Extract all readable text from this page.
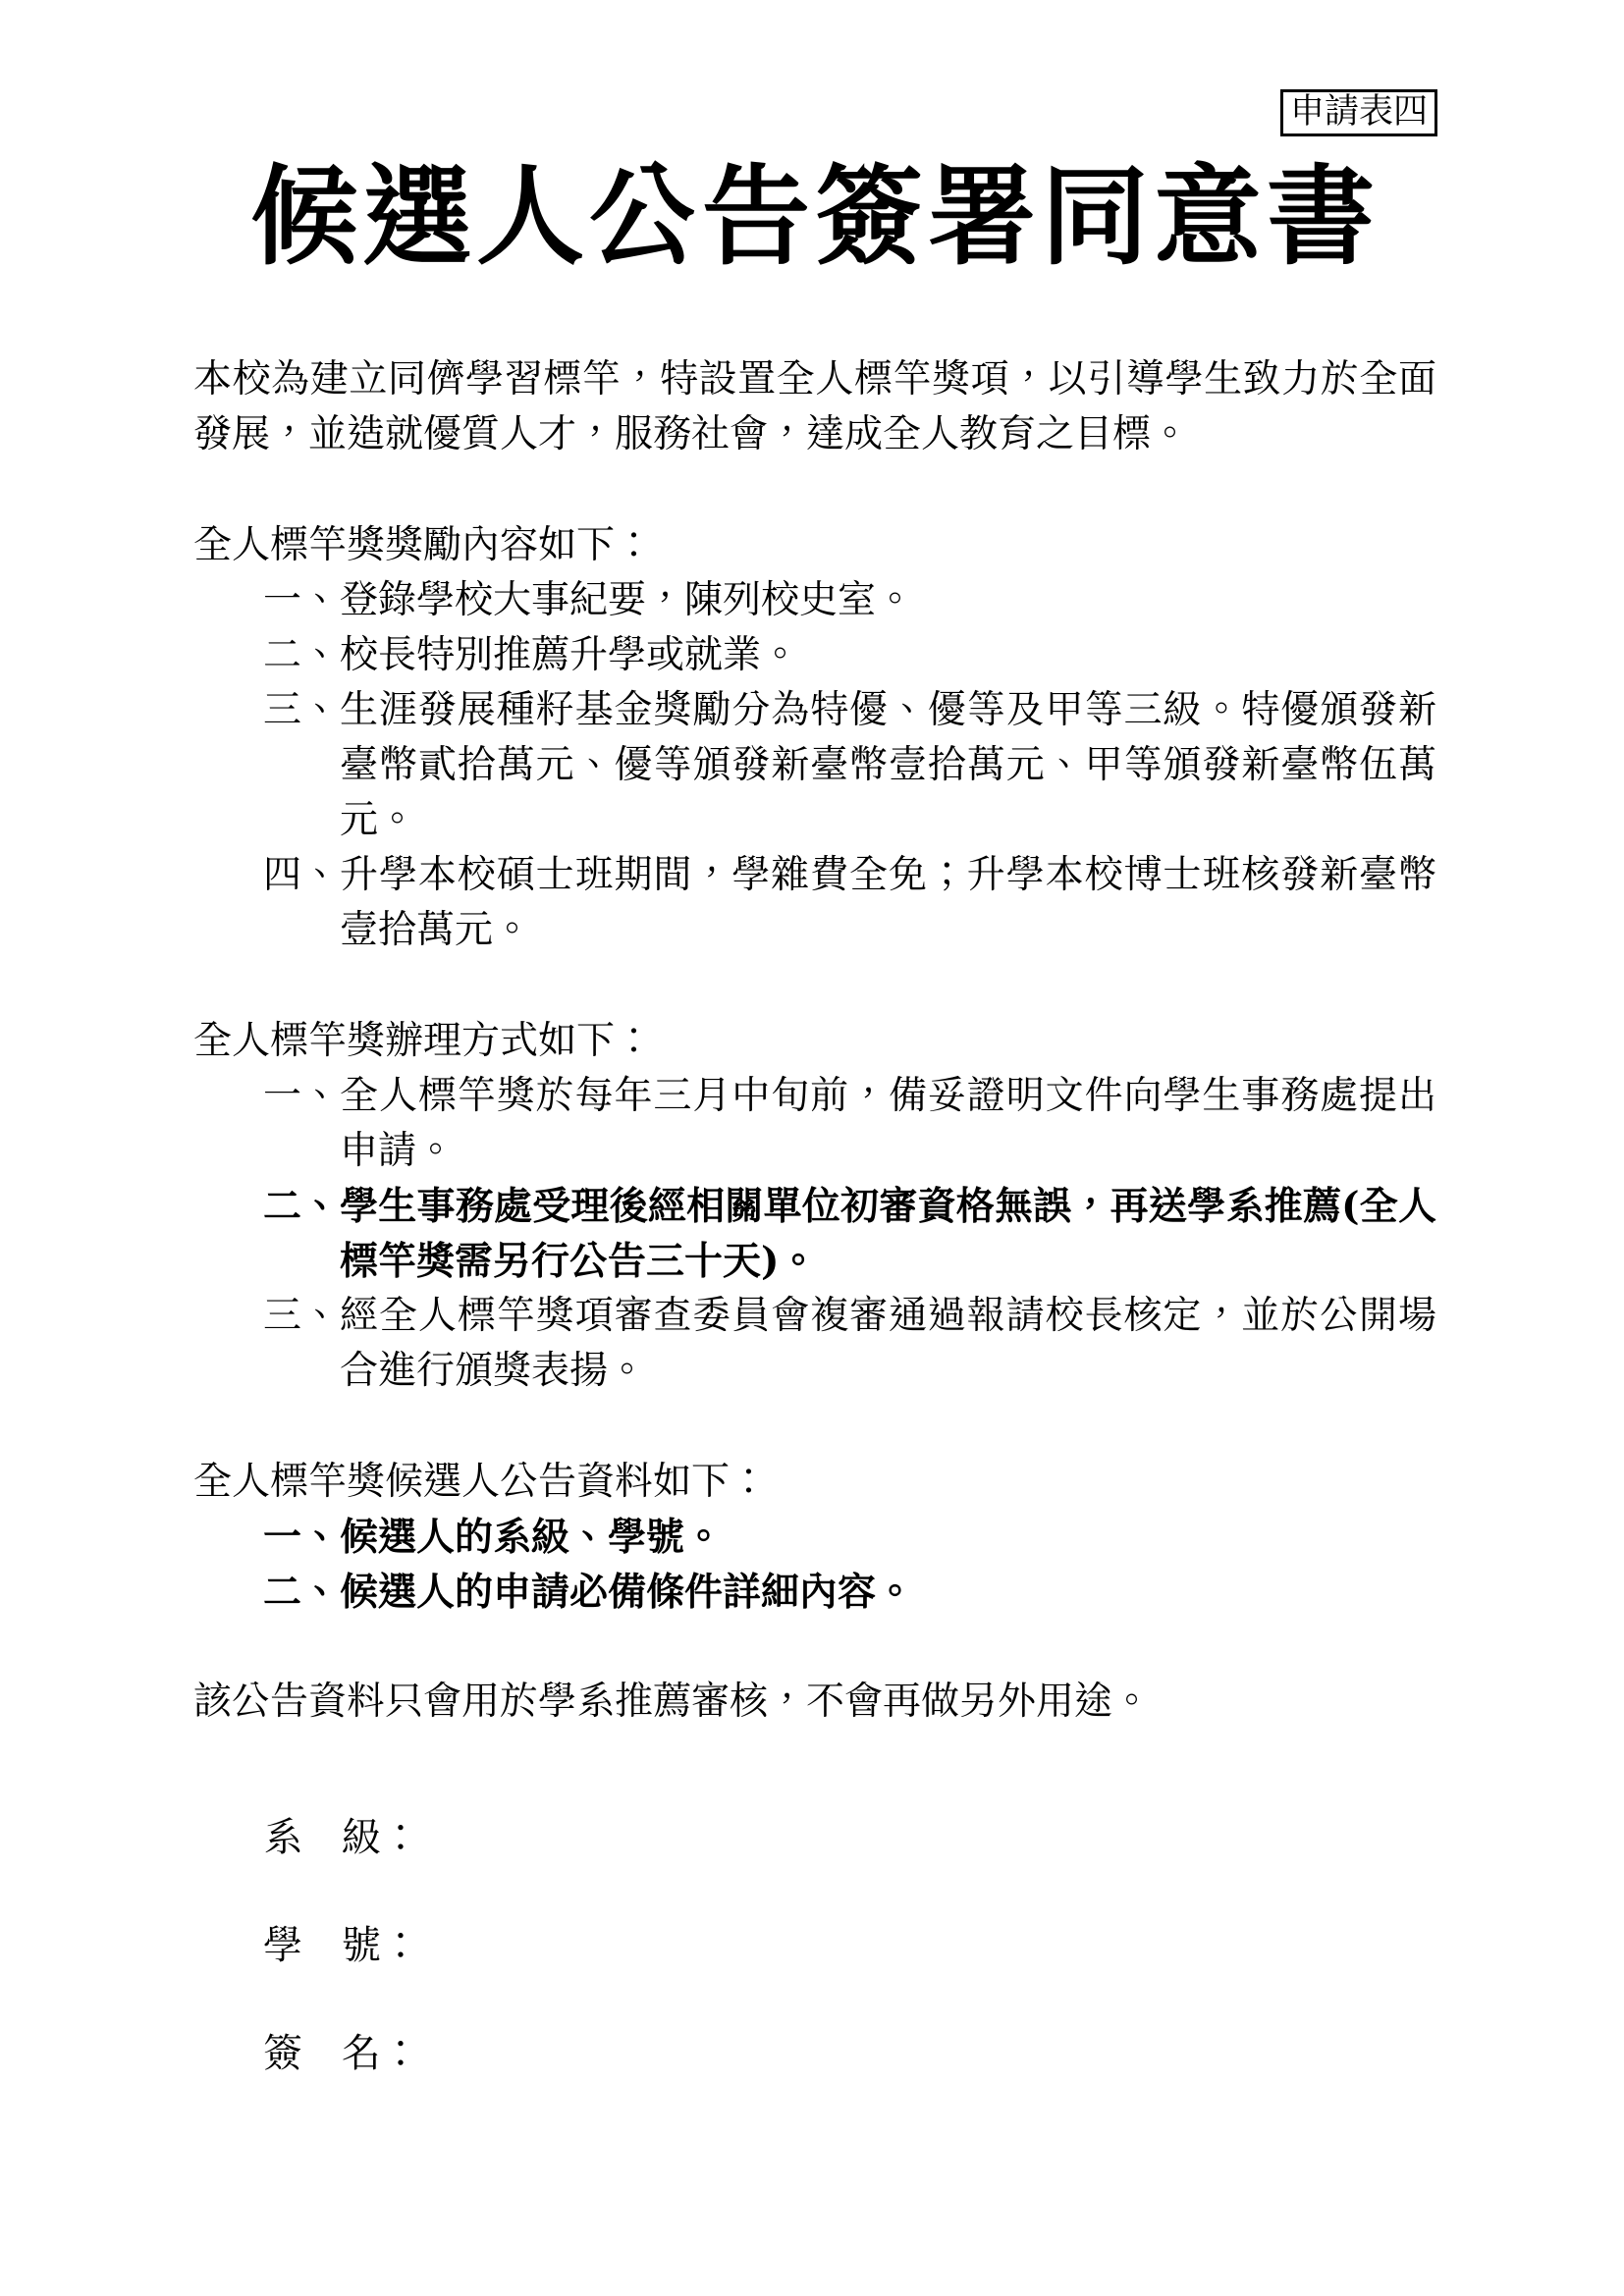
申請表四
候選人公告簽署同意書

本校為建立同儕學習標竿，特設置全人標竿獎項，以引導學生致力於全面發展，並造就優質人才，服務社會，達成全人教育之目標。

全人標竿獎獎勵內容如下：

一、 登錄學校大事紀要，陳列校史室。
二、 校長特別推薦升學或就業。
三、 生涯發展種籽基金獎勵分為特優、優等及甲等三級。特優頒發新臺幣貳拾萬元、優等頒發新臺幣壹拾萬元、甲等頒發新臺幣伍萬元。
四、 升學本校碩士班期間，學雜費全免；升學本校博士班核發新臺幣壹拾萬元。

全人標竿獎辦理方式如下：

一、 全人標竿獎於每年三月中旬前，備妥證明文件向學生事務處提出申請。
二、 學生事務處受理後經相關單位初審資格無誤，再送學系推薦(全人標竿獎需另行公告三十天)。
三、 經全人標竿獎項審查委員會複審通過報請校長核定，並於公開場合進行頒獎表揚。

全人標竿獎候選人公告資料如下：

一、 候選人的系級、學號。
二、 候選人的申請必備條件詳細內容。

該公告資料只會用於學系推薦審核，不會再做另外用途。

系　級：
學　號：
簽　名：
